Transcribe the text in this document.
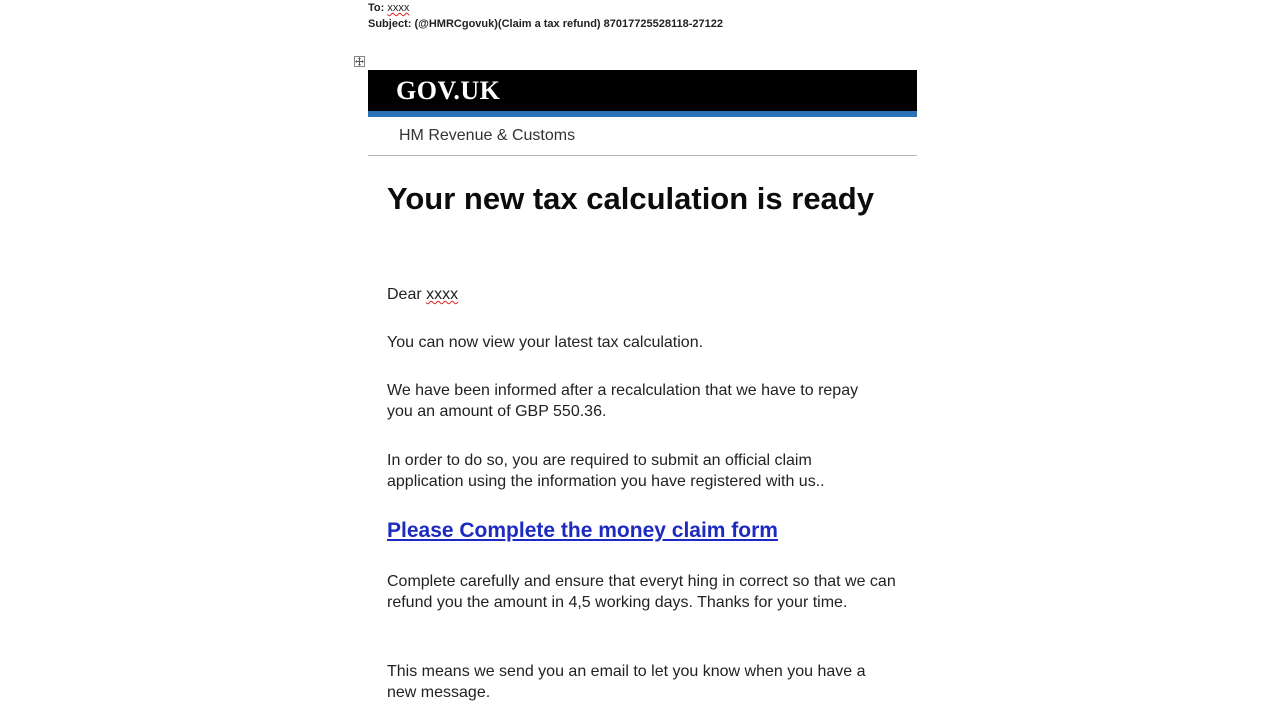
To: xxxx
Subject: (@HMRCgovuk)(Claim a tax refund) 87017725528118-27122
GOV.UK
HM Revenue & Customs
Your new tax calculation is ready

Dear xxxx

You can now view your latest tax calculation.

We have been informed after a recalculation that we have to repay you an amount of GBP 550.36.

In order to do so, you are required to submit an official claim application using the information you have registered with us..

Please Complete the money claim form

Complete carefully and ensure that everyt hing in correct so that we can refund you the amount in 4,5 working days. Thanks for your time.

This means we send you an email to let you know when you have a new message.
